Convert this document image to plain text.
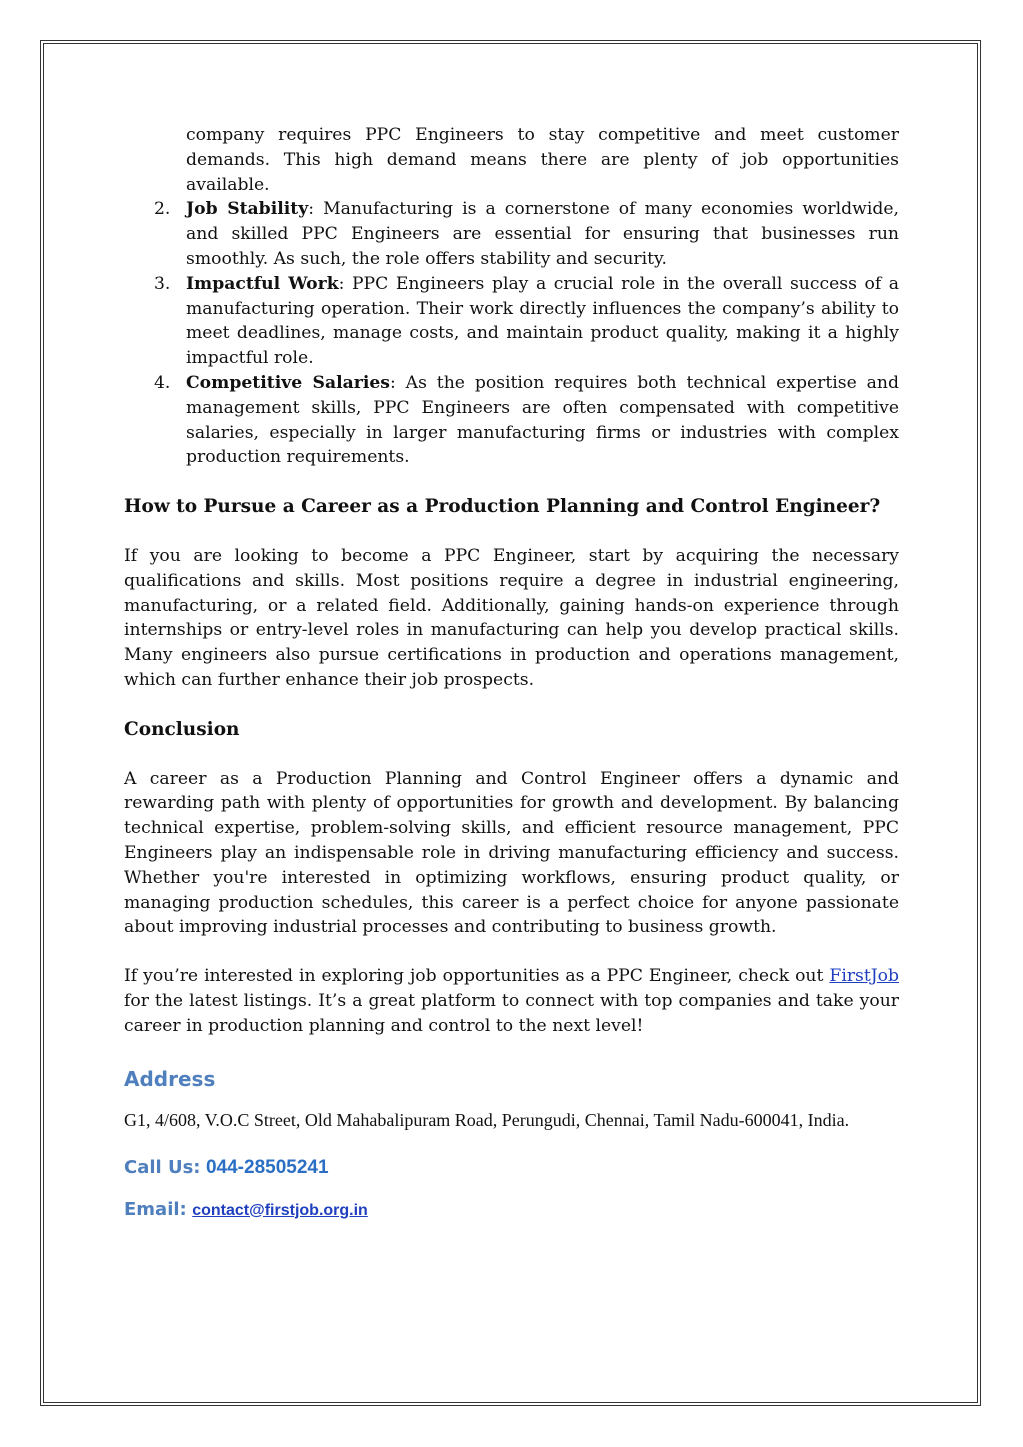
company requires PPC Engineers to stay competitive and meet customer demands. This high demand means there are plenty of job opportunities available.

2. Job Stability: Manufacturing is a cornerstone of many economies worldwide, and skilled PPC Engineers are essential for ensuring that businesses run smoothly. As such, the role offers stability and security.
3. Impactful Work: PPC Engineers play a crucial role in the overall success of a manufacturing operation. Their work directly influences the company’s ability to meet deadlines, manage costs, and maintain product quality, making it a highly impactful role.
4. Competitive Salaries: As the position requires both technical expertise and management skills, PPC Engineers are often compensated with competitive salaries, especially in larger manufacturing firms or industries with complex production requirements.
How to Pursue a Career as a Production Planning and Control Engineer?

If you are looking to become a PPC Engineer, start by acquiring the necessary qualifications and skills. Most positions require a degree in industrial engineering, manufacturing, or a related field. Additionally, gaining hands-on experience through internships or entry-level roles in manufacturing can help you develop practical skills. Many engineers also pursue certifications in production and operations management, which can further enhance their job prospects.

Conclusion

A career as a Production Planning and Control Engineer offers a dynamic and rewarding path with plenty of opportunities for growth and development. By balancing technical expertise, problem-solving skills, and efficient resource management, PPC Engineers play an indispensable role in driving manufacturing efficiency and success. Whether you're interested in optimizing workflows, ensuring product quality, or managing production schedules, this career is a perfect choice for anyone passionate about improving industrial processes and contributing to business growth.

If you’re interested in exploring job opportunities as a PPC Engineer, check out FirstJob for the latest listings. It’s a great platform to connect with top companies and take your career in production planning and control to the next level!

Address

G1, 4/608, V.O.C Street, Old Mahabalipuram Road, Perungudi, Chennai, Tamil Nadu-600041, India.

Call Us: 044-28505241
Email: contact@firstjob.org.in
